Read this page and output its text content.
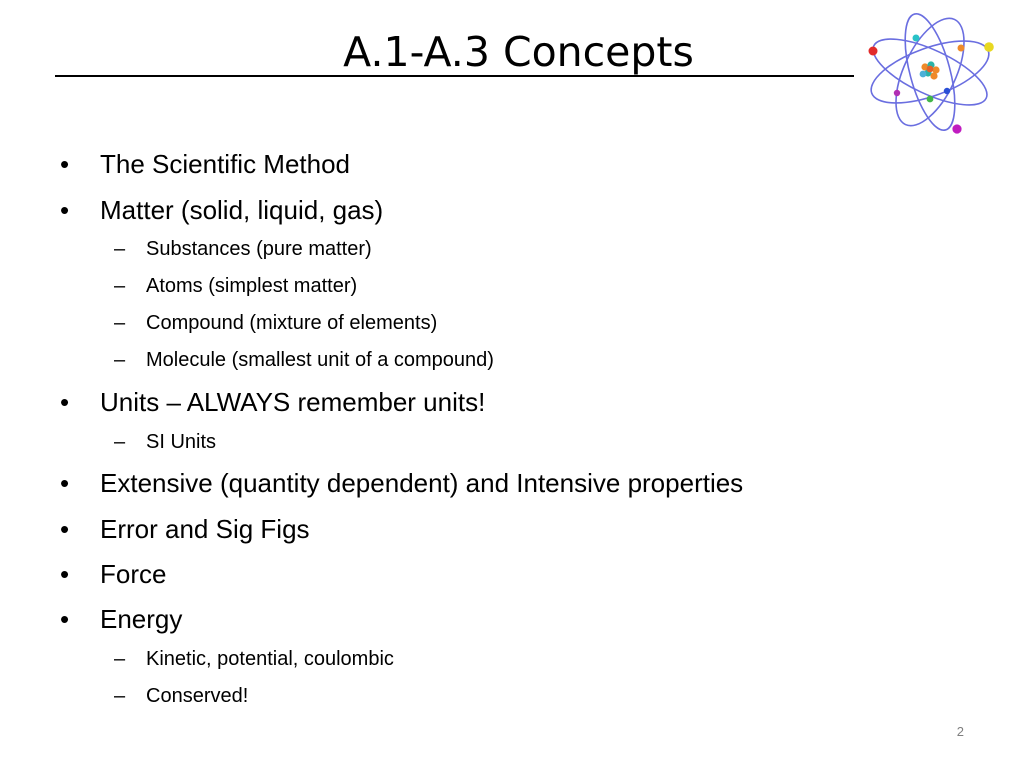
A.1-A.3 Concepts
• The Scientific Method
• Matter (solid, liquid, gas)
– Substances (pure matter)
– Atoms (simplest matter)
– Compound (mixture of elements)
– Molecule (smallest unit of a compound)
• Units – ALWAYS remember units!
– SI Units
• Extensive (quantity dependent) and Intensive properties
• Error and Sig Figs
• Force
• Energy
– Kinetic, potential, coulombic
– Conserved!
2
